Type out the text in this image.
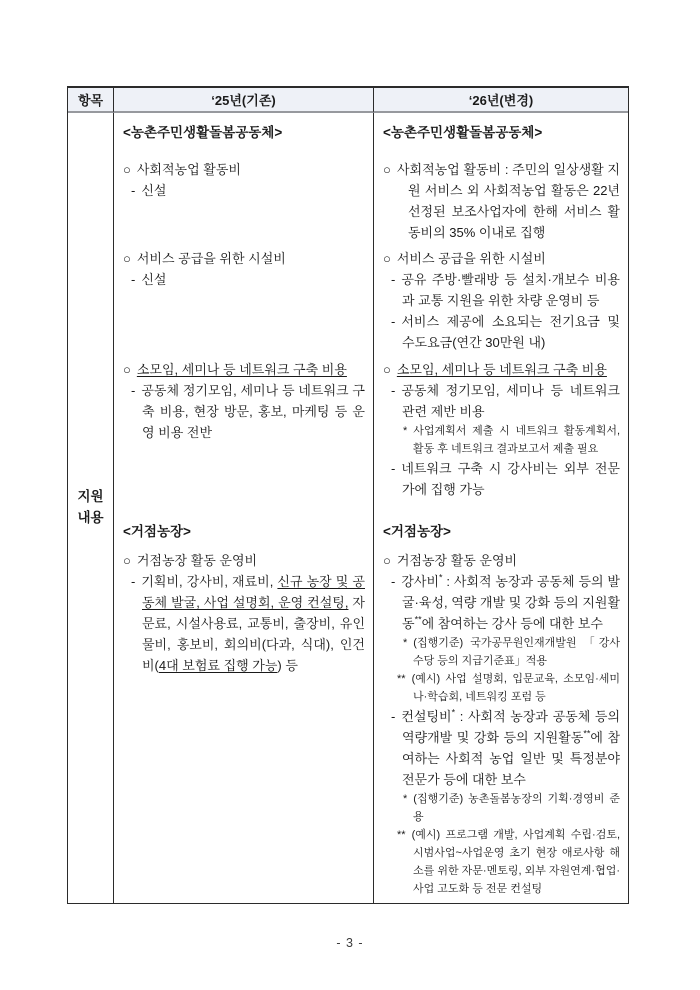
항목	‘25년(기존)	‘26년(변경)
지원
내용

<농촌주민생활돌봄공동체>

○ 사회적농업 활동비

- 신설

○ 서비스 공급을 위한 시설비

- 신설

○ 소모임, 세미나 등 네트워크 구축 비용

- 공동체 정기모임, 세미나 등 네트워크 구축 비용, 현장 방문, 홍보, 마케팅 등 운영 비용 전반

<거점농장>

○ 거점농장 활동 운영비

- 기획비, 강사비, 재료비, 신규 농장 및 공동체 발굴, 사업 설명회, 운영 컨설팅, 자문료, 시설사용료, 교통비, 출장비, 유인물비, 홍보비, 회의비(다과, 식대), 인건비(4대 보험료 집행 가능) 등

<농촌주민생활돌봄공동체>

○ 사회적농업 활동비 : 주민의 일상생활 지원 서비스 외 사회적농업 활동은 22년 선정된 보조사업자에 한해 서비스 활동비의 35% 이내로 집행

○ 서비스 공급을 위한 시설비

- 공유 주방·빨래방 등 설치·개보수 비용과 교통 지원을 위한 차량 운영비 등

- 서비스 제공에 소요되는 전기요금 및 수도요금(연간 30만원 내)

○ 소모임, 세미나 등 네트워크 구축 비용

- 공동체 정기모임, 세미나 등 네트워크 관련 제반 비용

* 사업계획서 제출 시 네트워크 활동계획서, 활동 후 네트워크 결과보고서 제출 필요

- 네트워크 구축 시 강사비는 외부 전문가에 집행 가능

<거점농장>

○ 거점농장 활동 운영비

- 강사비* : 사회적 농장과 공동체 등의 발굴·육성, 역량 개발 및 강화 등의 지원활동**에 참여하는 강사 등에 대한 보수

* (집행기준) 국가공무원인재개발원 「강사 수당 등의 지급기준표」적용

** (예시) 사업 설명회, 입문교육, 소모임·세미나·학습회, 네트워킹 포럼 등

- 컨설팅비* : 사회적 농장과 공동체 등의 역량개발 및 강화 등의 지원활동**에 참여하는 사회적 농업 일반 및 특정분야 전문가 등에 대한 보수

* (집행기준) 농촌돌봄농장의 기획·경영비 준용

** (예시) 프로그램 개발, 사업계획 수립·검토, 시범사업~사업운영 초기 현장 애로사항 해소를 위한 자문·멘토링, 외부 자원연계·협업·사업 고도화 등 전문 컨설팅

- 3 -
